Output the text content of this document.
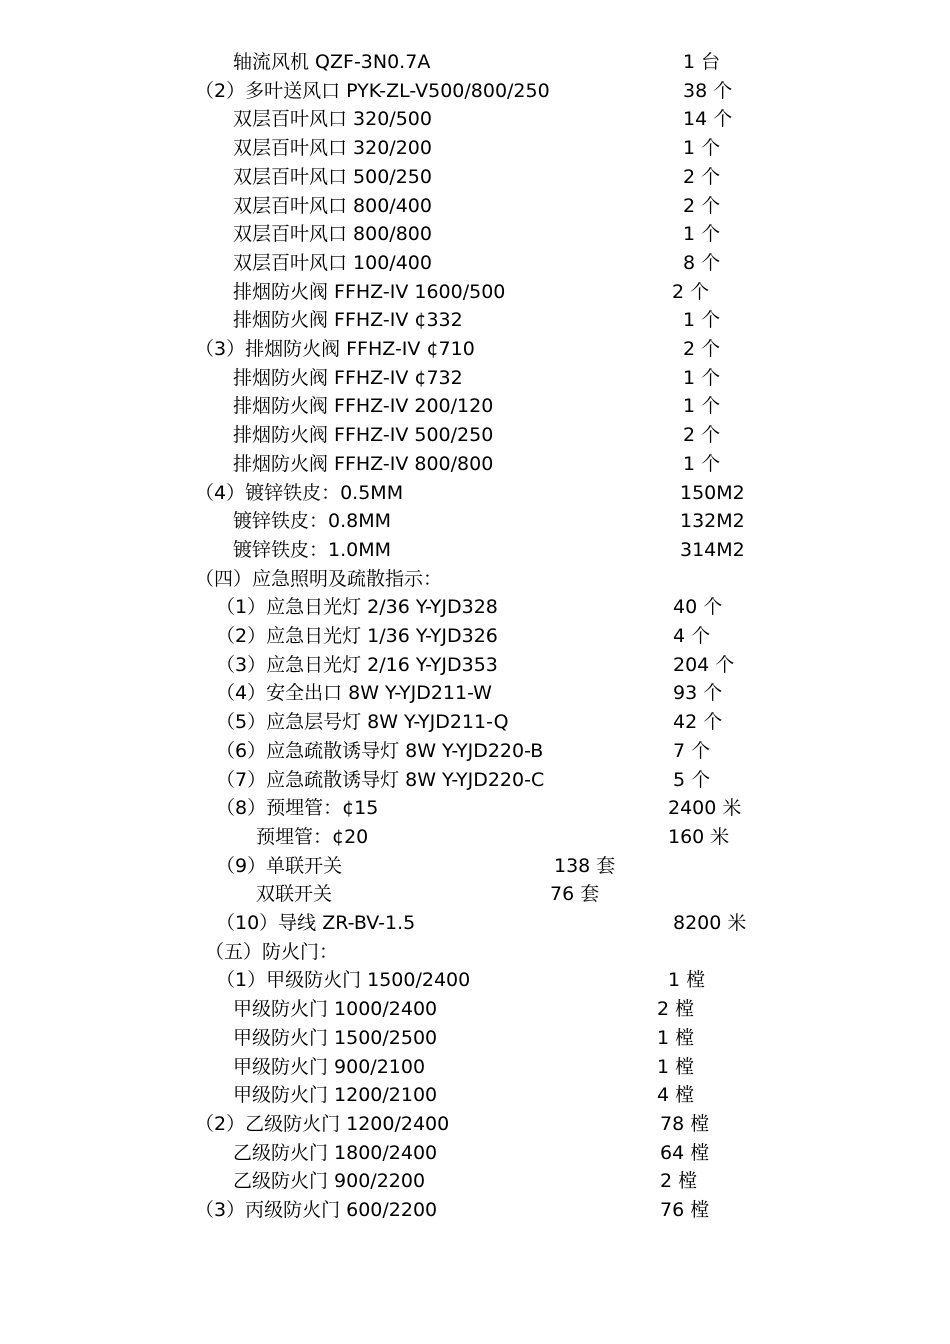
轴流风机 QZF-3N0.7A	1 台
（2）多叶送风口 PYK-ZL-V500/800/250	38 个
双层百叶风口 320/500	14 个
双层百叶风口 320/200	1 个
双层百叶风口 500/250	2 个
双层百叶风口 800/400	2 个
双层百叶风口 800/800	1 个
双层百叶风口 100/400	8 个
排烟防火阀 FFHZ-IV 1600/500	2 个
排烟防火阀 FFHZ-IV ¢332	1 个
（3）排烟防火阀 FFHZ-IV ¢710	2 个
排烟防火阀 FFHZ-IV ¢732	1 个
排烟防火阀 FFHZ-IV 200/120	1 个
排烟防火阀 FFHZ-IV 500/250	2 个
排烟防火阀 FFHZ-IV 800/800	1 个
（4）镀锌铁皮：0.5MM	150M2
镀锌铁皮：0.8MM	132M2
镀锌铁皮：1.0MM	314M2
（四）应急照明及疏散指示：
（1）应急日光灯 2/36 Y-YJD328	40 个
（2）应急日光灯 1/36 Y-YJD326	4 个
（3）应急日光灯 2/16 Y-YJD353	204 个
（4）安全出口 8W Y-YJD211-W	93 个
（5）应急层号灯 8W Y-YJD211-Q	42 个
（6）应急疏散诱导灯 8W Y-YJD220-B	7 个
（7）应急疏散诱导灯 8W Y-YJD220-C	5 个
（8）预埋管：¢15	2400 米
预埋管：¢20	160 米
（9）单联开关	138 套
双联开关	76 套
（10）导线 ZR-BV-1.5	8200 米
（五）防火门：
（1）甲级防火门 1500/2400	1 樘
甲级防火门 1000/2400	2 樘
甲级防火门 1500/2500	1 樘
甲级防火门 900/2100	1 樘
甲级防火门 1200/2100	4 樘
（2）乙级防火门 1200/2400	78 樘
乙级防火门 1800/2400	64 樘
乙级防火门 900/2200	2 樘
（3）丙级防火门 600/2200	76 樘
